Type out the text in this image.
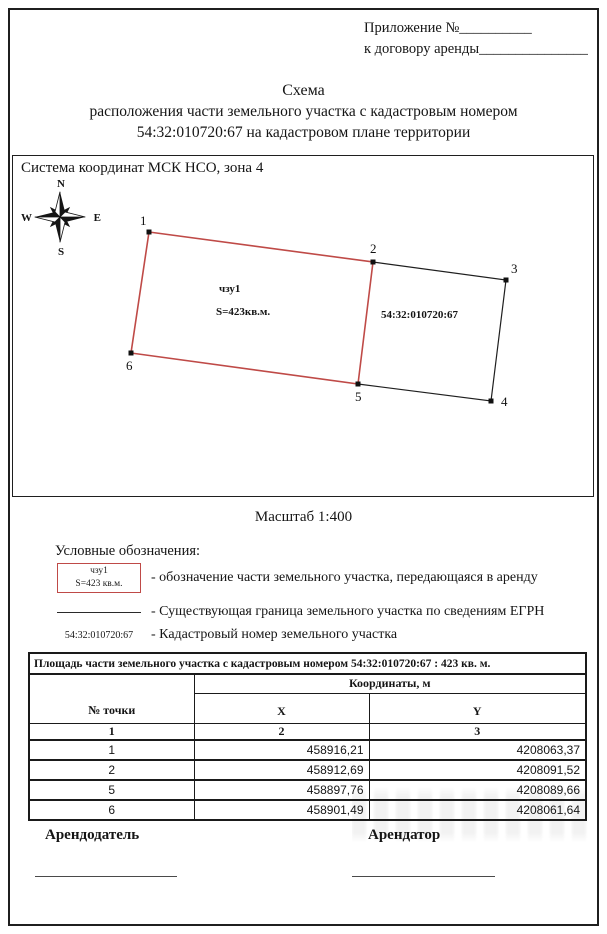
Приложение №__________
к договору аренды_______________
Схема
расположения части земельного участка с кадастровым номером
54:32:010720:67 на кадастровом плане территории
Система координат МСК НСО, зона 4
N
S
W	E	1
2
3
4
5
6
чзу1
S=423кв.м.	54:32:010720:67
Масштаб 1:400
Условные обозначения:
чзу1
S=423 кв.м.	- обозначение части земельного участка, передающаяся в аренду
- Существующая граница земельного участка по сведениям ЕГРН
54:32:010720:67	- Кадастровый номер земельного участка
Площадь части земельного участка с кадастровым номером 54:32:010720:67 : 423 кв. м.		
№ точки	Координаты, м	
	X	Y
1	2	3
1	458916,21	4208063,37
2	458912,69	4208091,52
5	458897,76	4208089,66
6	458901,49	4208061,64
Арендодатель	Арендатор
